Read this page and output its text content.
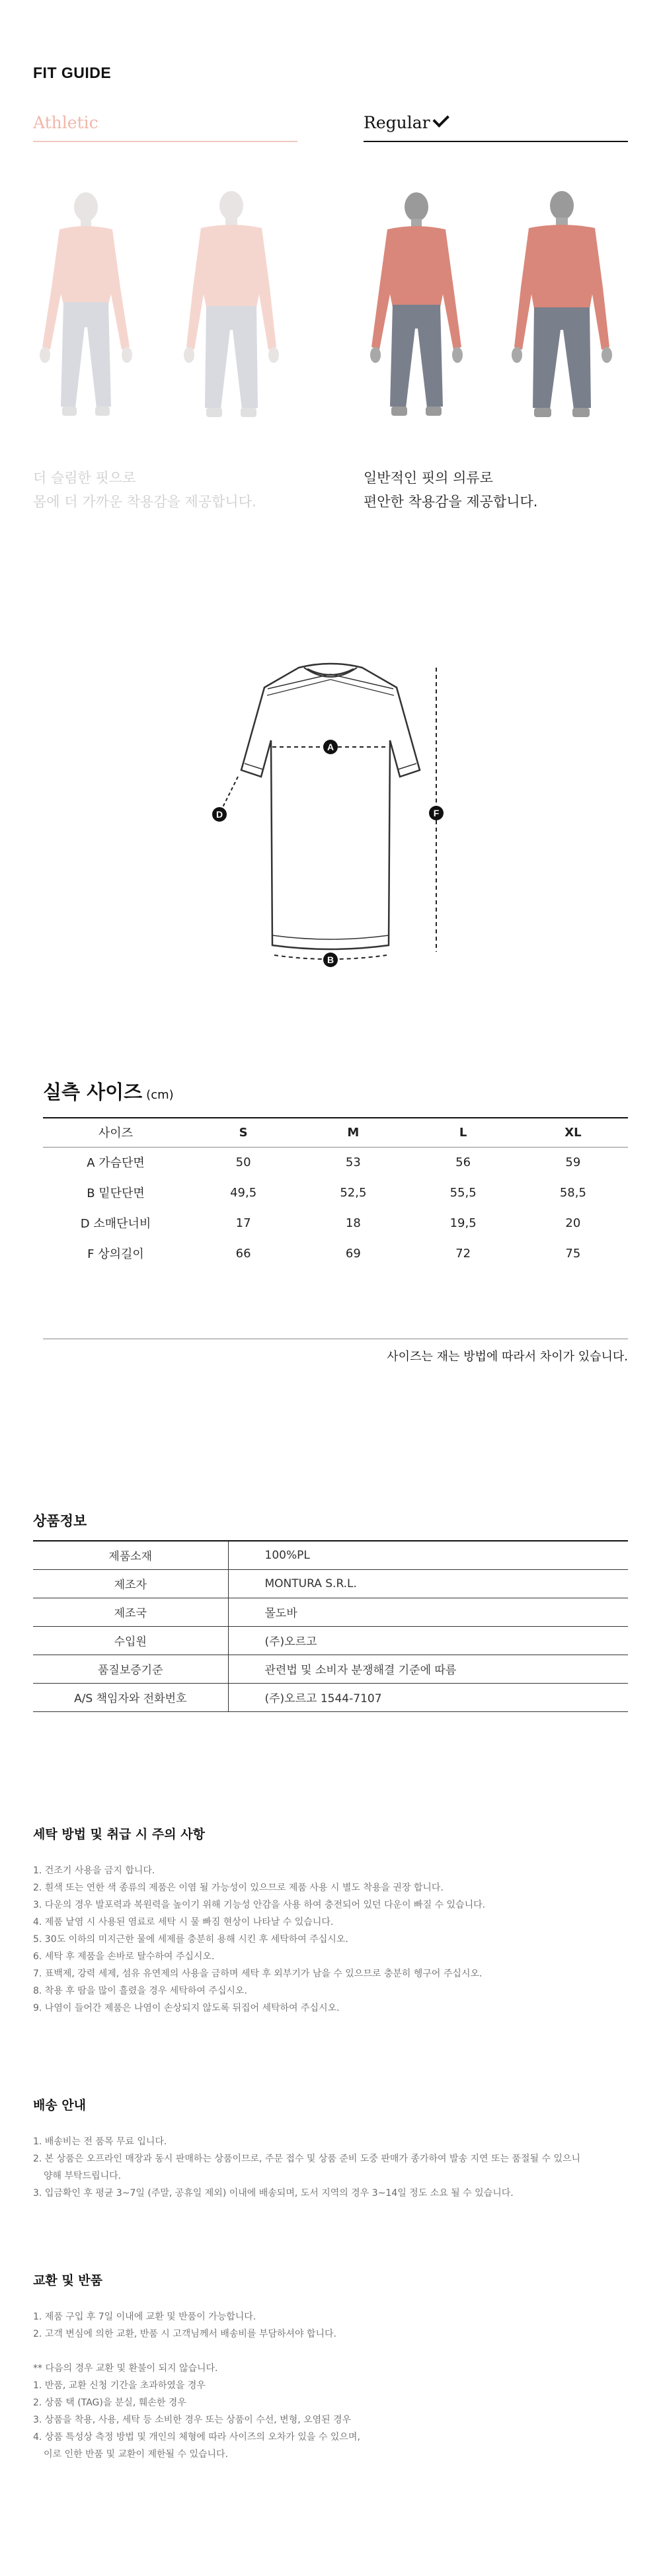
FIT GUIDE
Athletic
더 슬림한 핏으로
몸에 더 가까운 착용감을 제공합니다.
Regular
일반적인 핏의 의류로
편안한 착용감을 제공합니다.
A
B
D	F
실측 사이즈 (cm)
사이즈	S	M	L	XL
A 가슴단면	50	53	56	59
B 밑단단면	49,5	52,5	55,5	58,5
D 소매단너비	17	18	19,5	20
F 상의길이	66	69	72	75
사이즈는 재는 방법에 따라서 차이가 있습니다.
상품정보
제품소재	100%PL
제조자	MONTURA S.R.L.
제조국	몰도바
수입원	(주)오르고
품질보증기준	관련법 및 소비자 분쟁해결 기준에 따름
A/S 책임자와 전화번호	(주)오르고 1544-7107
세탁 방법 및 취급 시 주의 사항
1. 건조기 사용을 금지 합니다.
2. 흰색 또는 연한 색 종류의 제품은 이염 될 가능성이 있으므로 제품 사용 시 별도 착용을 권장 합니다.
3. 다운의 경우 발포력과 복원력을 높이기 위해 기능성 안감을 사용 하여 충전되어 있던 다운이 빠질 수 있습니다.
4. 제품 낱염 시 사용된 염료로 세탁 시 물 빠짐 현상이 나타날 수 있습니다.
5. 30도 이하의 미지근한 물에 세제를 충분히 용해 시킨 후 세탁하여 주십시오.
6. 세탁 후 제품을 손바로 탈수하여 주십시오.
7. 표백제, 강력 세제, 섬유 유연제의 사용을 금하며 세탁 후 외부기가 남을 수 있으므로 충분히 헹구어 주십시오.
8. 착용 후 땀을 많이 흘렸을 경우 세탁하여 주십시오.
9. 나염이 들어간 제품은 나염이 손상되지 않도록 뒤집어 세탁하여 주십시오.
배송 안내
1. 배송비는 전 품목 무료 입니다.
2. 본 상품은 오프라인 매장과 동시 판매하는 상품이므로, 주문 접수 및 상품 준비 도중 판매가 종가하여 발송 지연 또는 품절될 수 있으니
양해 부탁드립니다.
3. 입금확인 후 평균 3~7일 (주말, 공휴일 제외) 이내에 배송되며, 도서 지역의 경우 3~14일 정도 소요 될 수 있습니다.
교환 및 반품
1. 제품 구입 후 7일 이내에 교환 및 반품이 가능합니다.
2. 고객 변심에 의한 교환, 반품 시 고객님께서 배송비를 부담하셔야 합니다.
** 다음의 경우 교환 및 환불이 되지 않습니다.
1. 반품, 교환 신청 기간을 초과하였을 경우
2. 상품 택 (TAG)을 분실, 훼손한 경우
3. 상품을 착용, 사용, 세탁 등 소비한 경우 또는 상품이 수선, 변형, 오염된 경우
4. 상품 특성상 측정 방법 및 개인의 체형에 따라 사이즈의 오차가 있을 수 있으며,
이로 인한 반품 및 교환이 제한될 수 있습니다.
